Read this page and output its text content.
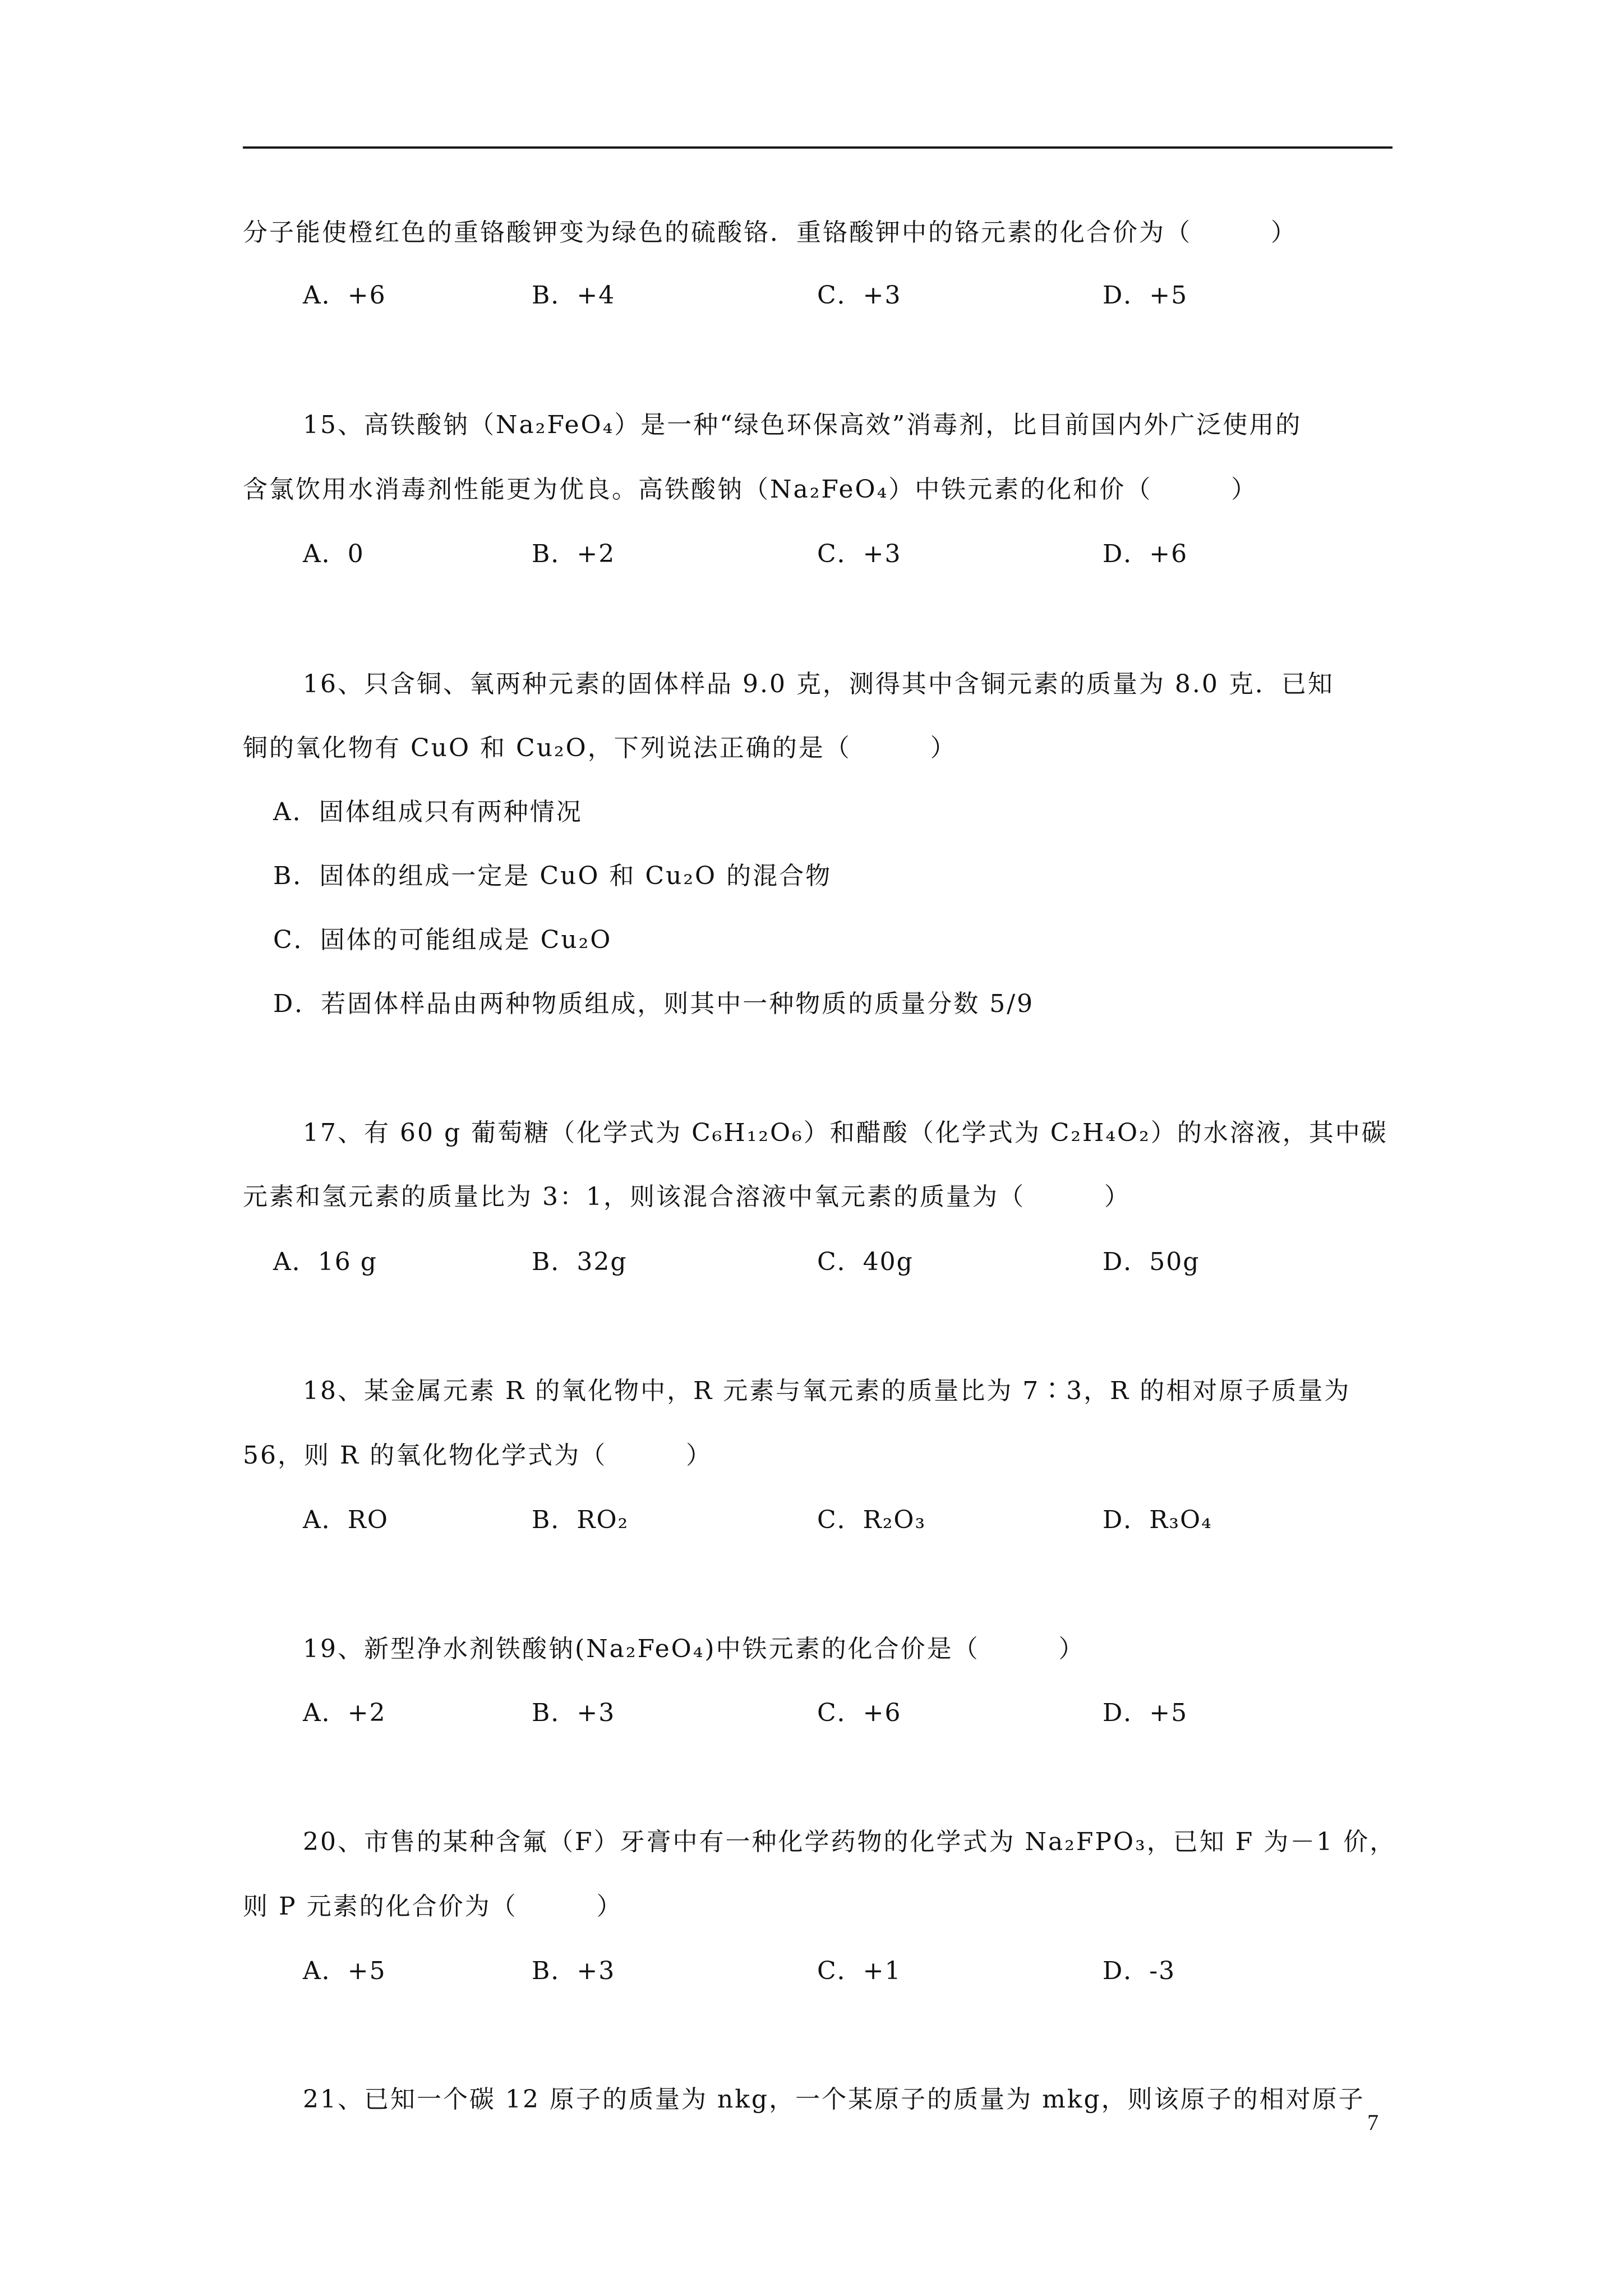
分子能使橙红色的重铬酸钾变为绿色的硫酸铬．重铬酸钾中的铬元素的化合价为（　　　）
A．+6	B．+4	C．+3	D．+5
15、高铁酸钠（Na₂FeO₄）是一种“绿色环保高效”消毒剂，比目前国内外广泛使用的
含氯饮用水消毒剂性能更为优良。高铁酸钠（Na₂FeO₄）中铁元素的化和价（　　　）
A．0	B．+2	C．+3	D．+6
16、只含铜、氧两种元素的固体样品 9.0 克，测得其中含铜元素的质量为 8.0 克．已知
铜的氧化物有 CuO 和 Cu₂O，下列说法正确的是（　　　）
A．固体组成只有两种情况
B．固体的组成一定是 CuO 和 Cu₂O 的混合物
C．固体的可能组成是 Cu₂O
D．若固体样品由两种物质组成，则其中一种物质的质量分数 5/9
17、有 60 g 葡萄糖（化学式为 C₆H₁₂O₆）和醋酸（化学式为 C₂H₄O₂）的水溶液，其中碳
元素和氢元素的质量比为 3：1，则该混合溶液中氧元素的质量为（　　　）
A．16 g	B．32g	C．40g	D．50g
18、某金属元素 R 的氧化物中，R 元素与氧元素的质量比为 7∶3，R 的相对原子质量为
56，则 R 的氧化物化学式为（　　　）
A．RO	B．RO₂	C．R₂O₃	D．R₃O₄
19、新型净水剂铁酸钠(Na₂FeO₄)中铁元素的化合价是（　　　）
A．+2	B．+3	C．+6	D．+5
20、市售的某种含氟（F）牙膏中有一种化学药物的化学式为 Na₂FPO₃，已知 F 为－1 价，
则 P 元素的化合价为（　　　）
A．+5	B．+3	C．+1	D．-3
21、已知一个碳 12 原子的质量为 nkg，一个某原子的质量为 mkg，则该原子的相对原子
7
